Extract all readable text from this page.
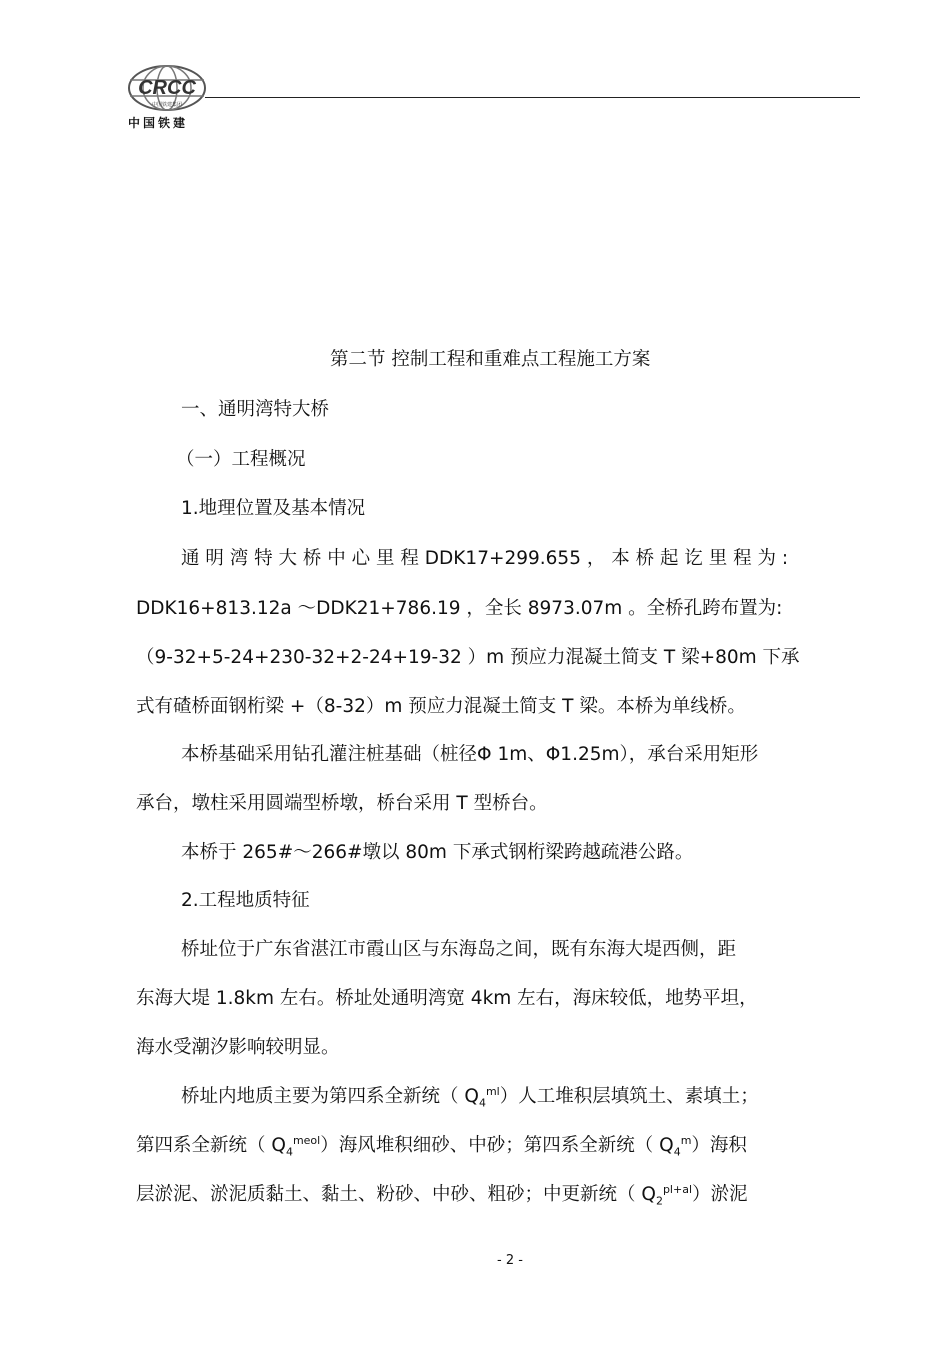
CRCC
中国铁建集团
中国铁建
第二节 控制工程和重难点工程施工方案
一、通明湾特大桥
（一）工程概况
1.地理位置及基本情况
通 明 湾 特 大 桥 中 心 里 程 DDK17+299.655 ， 本 桥 起 讫 里 程 为 :
DDK16+813.12a ～DDK21+786.19 ，全长 8973.07m 。全桥孔跨布置为:
（9-32+5-24+230-32+2-24+19-32 ）m 预应力混凝土简支 T 梁+80m 下承
式有碴桥面钢桁梁 +（8-32）m 预应力混凝土简支 T 梁。本桥为单线桥。
本桥基础采用钻孔灌注桩基础（桩径Φ 1m、Φ1.25m），承台采用矩形
承台，墩柱采用圆端型桥墩，桥台采用 T 型桥台。
本桥于 265#～266#墩以 80m 下承式钢桁梁跨越疏港公路。
2.工程地质特征
桥址位于广东省湛江市霞山区与东海岛之间，既有东海大堤西侧，距
东海大堤 1.8km 左右。桥址处通明湾宽 4km 左右，海床较低，地势平坦，
海水受潮汐影响较明显。
桥址内地质主要为第四系全新统（ $Q_4^{ml}$）人工堆积层填筑土、素填土；
第四系全新统（ $Q_4^{meol}$）海风堆积细砂、中砂；第四系全新统（ $Q_4^m$）海积
层淤泥、淤泥质黏土、黏土、粉砂、中砂、粗砂；中更新统（ $Q_2^{pl+al}$）淤泥
- 2 -
